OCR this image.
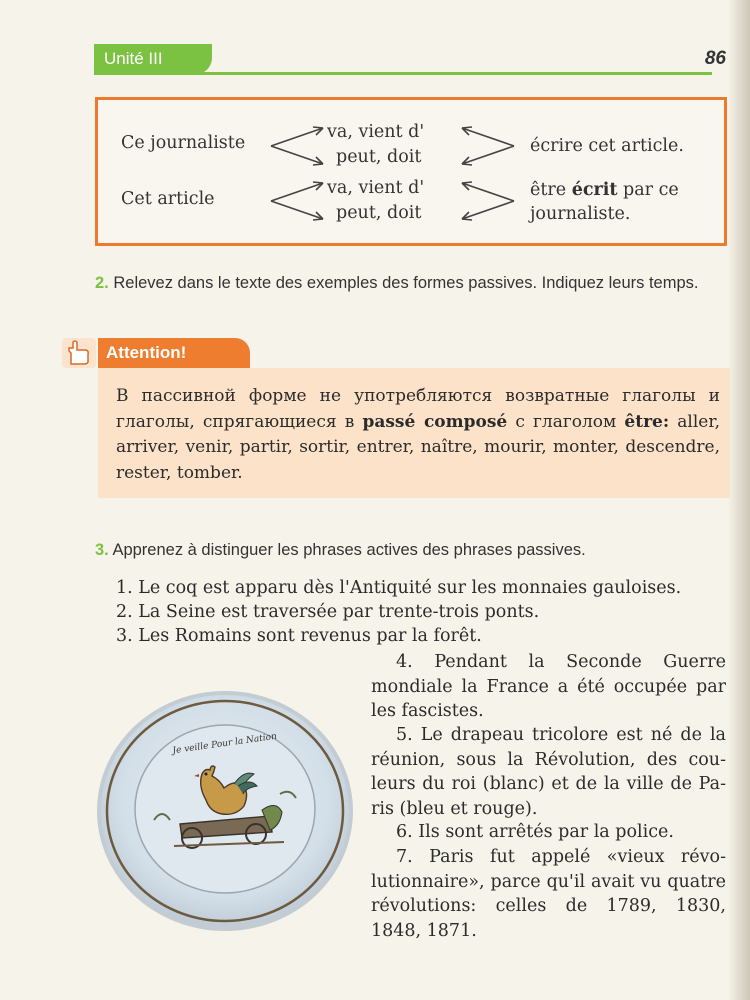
Unité III	86
Ce journaliste
va, vient d'
peut, doit
écrire cet article.
Cet article
va, vient d'
peut, doit
être écrit par ce
journaliste.
2. Relevez dans le texte des exemples des formes passives. Indiquez leurs temps.
Attention!
В пассивной форме не употребляются возвратные глаголы и глаголы, спрягающиеся в passé composé с глаголом être: aller, arriver, venir, partir, sortir, entrer, naître, mourir, monter, descendre, rester, tomber.
3. Apprenez à distinguer les phrases actives des phrases passives.
1. Le coq est apparu dès l'Antiquité sur les monnaies gauloises.
2. La Seine est traversée par trente-trois ponts.
3. Les Romains sont revenus par la forêt.
4. Pendant la Seconde Guerre mondiale la France a été occupée par les fascistes.
5. Le drapeau tricolore est né de la réunion, sous la Révolution, des couleurs du roi (blanc) et de la ville de Paris (bleu et rouge).
6. Ils sont arrêtés par la police.
7. Paris fut appelé «vieux révolutionnaire», parce qu'il avait vu quatre révolutions: celles de 1789, 1830, 1848, 1871.
Je veille Pour la Nation
